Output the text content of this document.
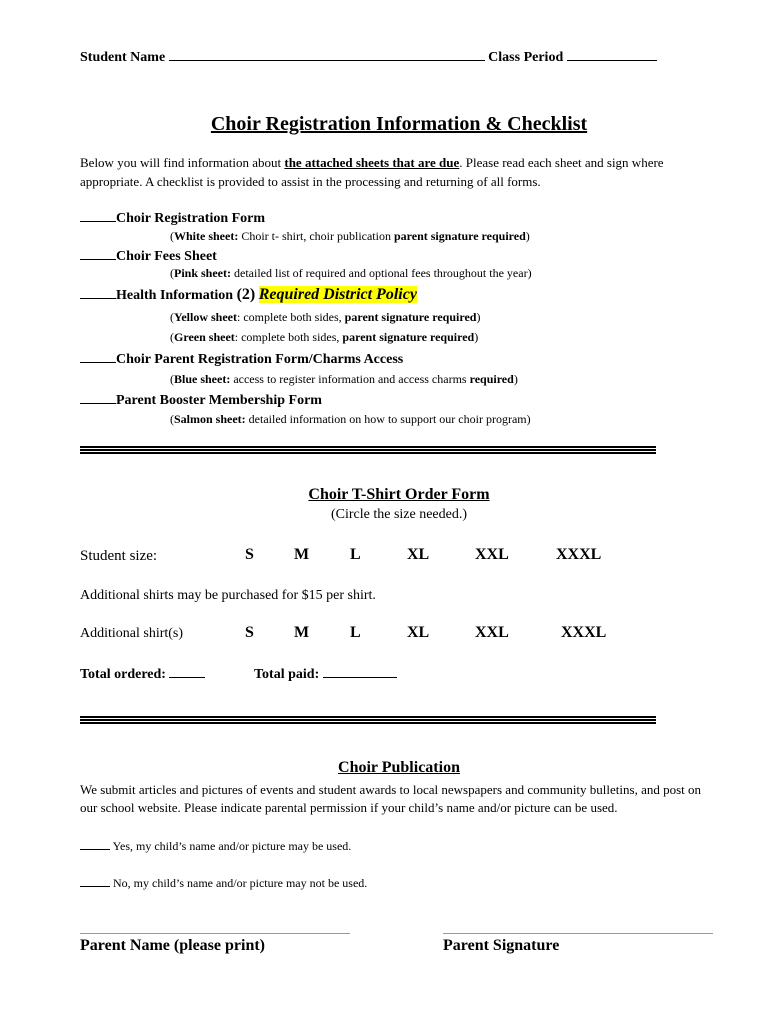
Student Name	Class Period
Choir Registration Information & Checklist
Below you will find information about the attached sheets that are due. Please read each sheet and sign where
appropriate. A checklist is provided to assist in the processing and returning of all forms.
Choir Registration Form
(White sheet: Choir t- shirt, choir publication parent signature required)
Choir Fees Sheet
(Pink sheet: detailed list of required and optional fees throughout the year)
Health Information (2) Required District Policy
(Yellow sheet: complete both sides, parent signature required)
(Green sheet: complete both sides, parent signature required)
Choir Parent Registration Form/Charms Access
(Blue sheet: access to register information and access charms required)
Parent Booster Membership Form
(Salmon sheet: detailed information on how to support our choir program)
Choir T-Shirt Order Form
(Circle the size needed.)
Student size:	S	M	L	XL	XXL	XXXL
Additional shirts may be purchased for $15 per shirt.
Additional shirt(s)	S	M	L	XL	XXL	XXXL
Total ordered:	Total paid:
Choir Publication
We submit articles and pictures of events and student awards to local newspapers and community bulletins, and post on
our school website. Please indicate parental permission if your child’s name and/or picture can be used.
Yes, my child’s name and/or picture may be used.
No, my child’s name and/or picture may not be used.
Parent Name (please print)	Parent Signature
